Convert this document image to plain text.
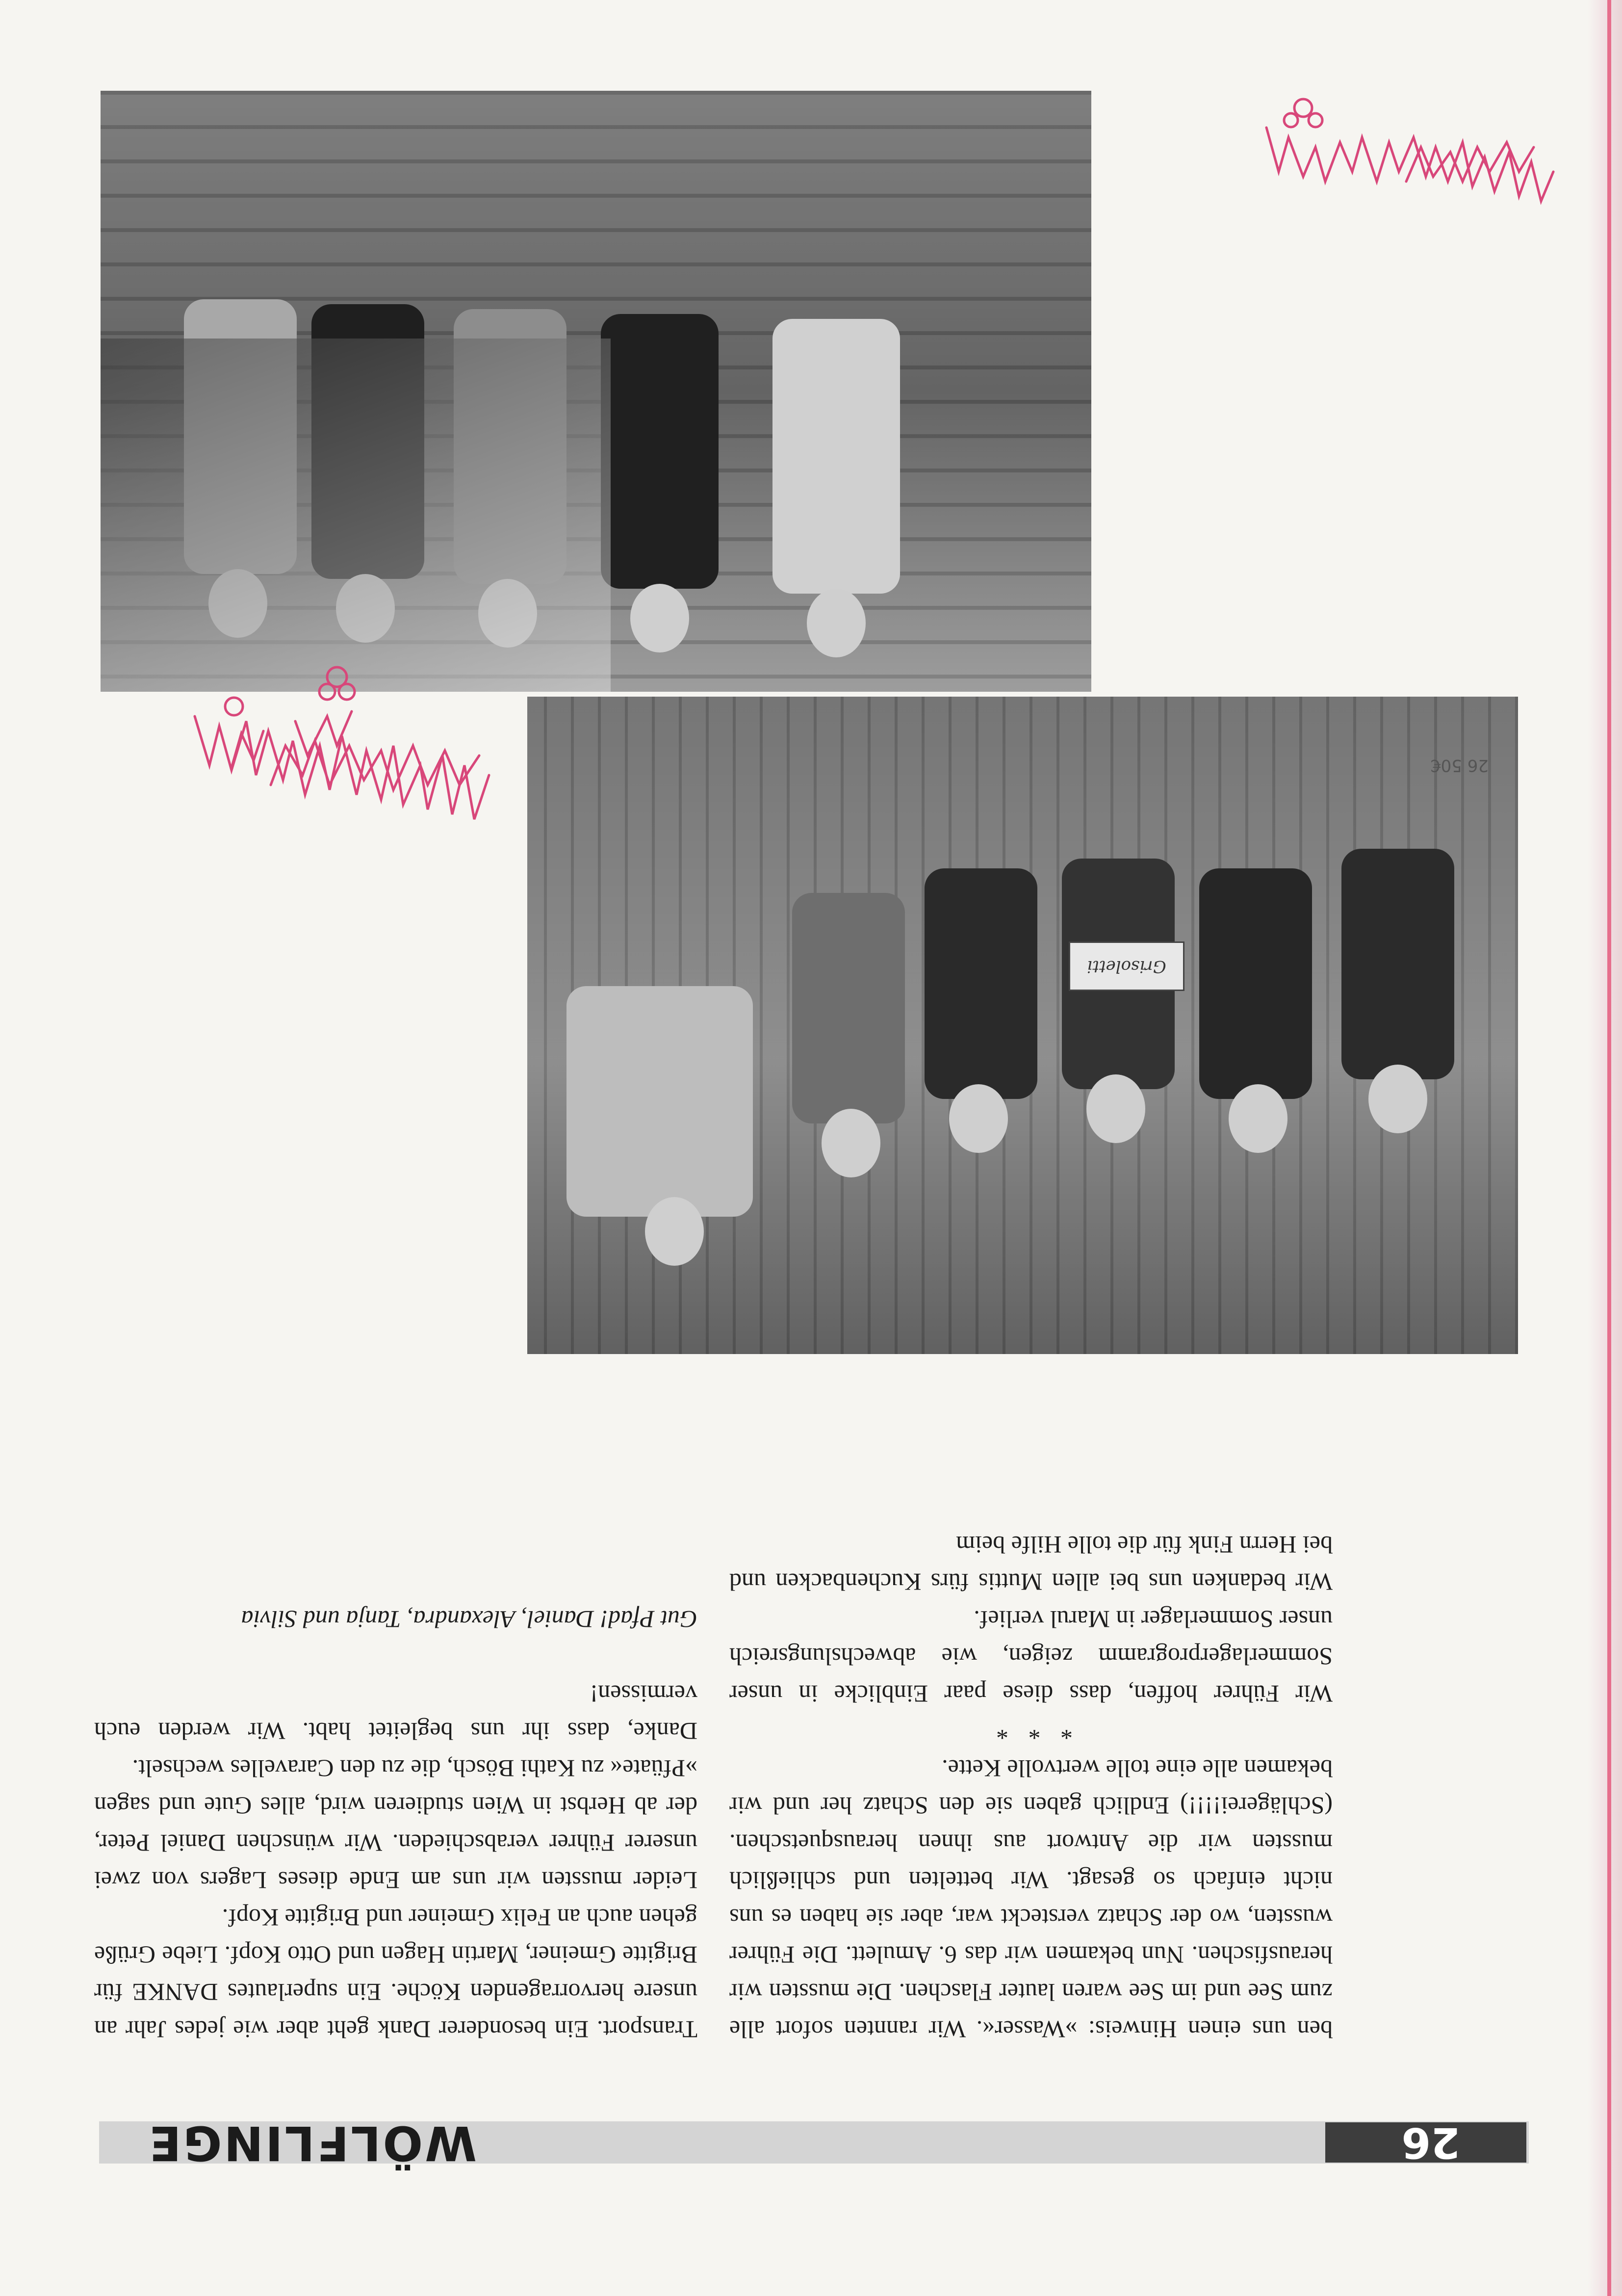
26
WÖLFLINGE

ben uns einen Hinweis: »Wasser«. Wir rannten sofort alle zum See und im See waren lauter Flaschen. Die mussten wir herausfischen. Nun bekamen wir das 6. Amulett. Die Führer wussten, wo der Schatz versteckt war, aber sie haben es uns nicht einfach so gesagt. Wir bettelten und schließlich mussten wir die Antwort aus ihnen herausquetschen. (Schlägerei!!!!) Endlich gaben sie den Schatz her und wir bekamen alle eine tolle wertvolle Kette.

* * *

Wir Führer hoffen, dass diese paar Einblicke in unser Sommerlagerprogramm zeigen, wie abwechslungsreich unser Sommerlager in Marul verlief.

Wir bedanken uns bei allen Muttis fürs Kuchenbacken und bei Herrn Fink für die tolle Hilfe beim

Transport. Ein besonderer Dank geht aber wie jedes Jahr an unsere hervorragenden Köche. Ein superlautes DANKE für Brigitte Gmeiner, Martin Hagen und Otto Kopf. Liebe Grüße gehen auch an Felix Gmeiner und Brigitte Kopf.

Leider mussten wir uns am Ende dieses Lagers von zwei unserer Führer verabschieden. Wir wünschen Daniel Peter, der ab Herbst in Wien studieren wird, alles Gute und sagen »Pfüate« zu Kathi Bösch, die zu den Caravelles wechselt.

Danke, dass ihr uns begleitet habt. Wir werden euch vermissen!

Gut Pfad! Daniel, Alexandra, Tanja und Silvia

Grisoletti
26 50€
